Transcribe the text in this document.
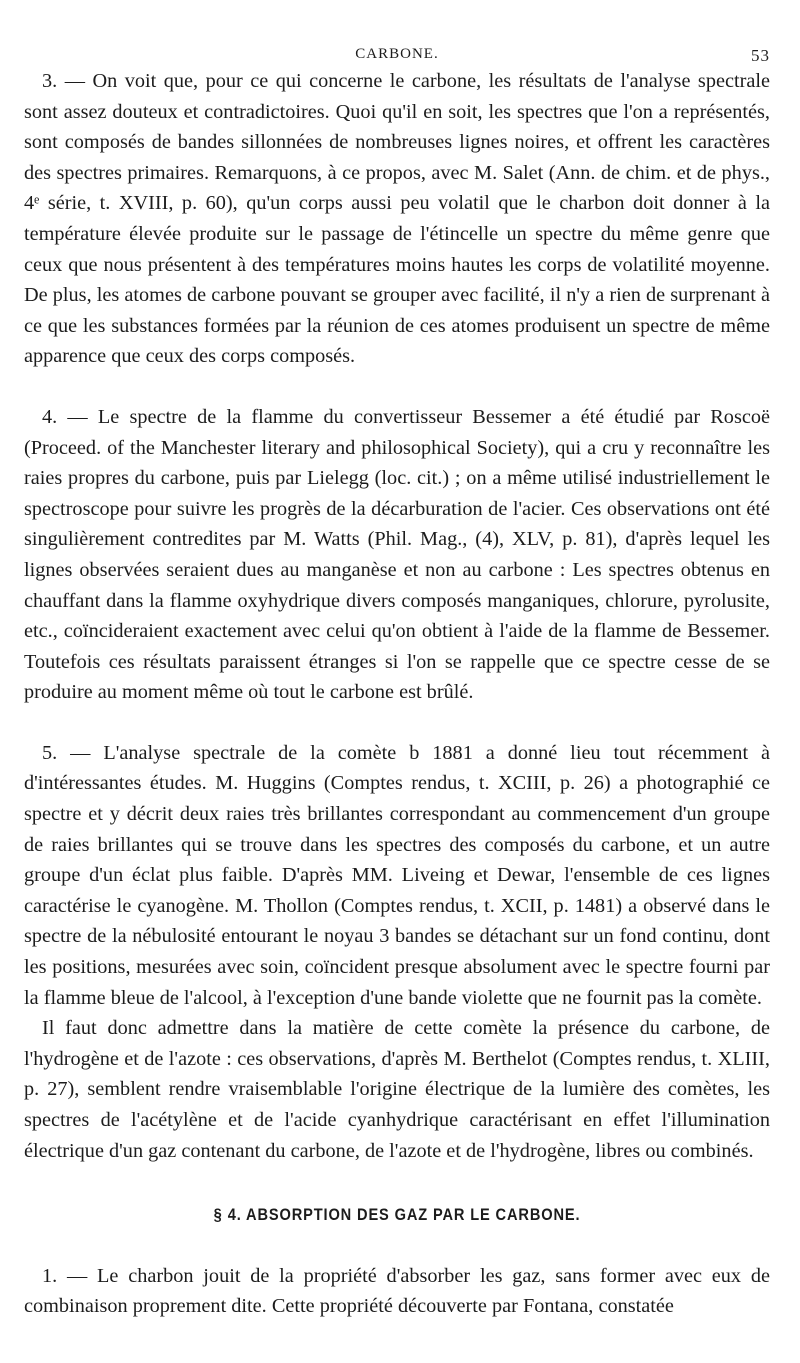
CARBONE.	53

3. — On voit que, pour ce qui concerne le carbone, les résultats de l'analyse spectrale sont assez douteux et contradictoires. Quoi qu'il en soit, les spectres que l'on a représentés, sont composés de bandes sillonnées de nombreuses lignes noires, et offrent les caractères des spectres primaires. Remarquons, à ce propos, avec M. Salet (Ann. de chim. et de phys., 4ᵉ série, t. XVIII, p. 60), qu'un corps aussi peu volatil que le charbon doit donner à la température élevée produite sur le passage de l'étincelle un spectre du même genre que ceux que nous présentent à des températures moins hautes les corps de volatilité moyenne. De plus, les atomes de carbone pouvant se grouper avec facilité, il n'y a rien de surprenant à ce que les substances formées par la réunion de ces atomes produisent un spectre de même apparence que ceux des corps composés.

4. — Le spectre de la flamme du convertisseur Bessemer a été étudié par Roscoë (Proceed. of the Manchester literary and philosophical Society), qui a cru y reconnaître les raies propres du carbone, puis par Lielegg (loc. cit.) ; on a même utilisé industriellement le spectroscope pour suivre les progrès de la décarburation de l'acier. Ces observations ont été singulièrement contredites par M. Watts (Phil. Mag., (4), XLV, p. 81), d'après lequel les lignes observées seraient dues au manganèse et non au carbone : Les spectres obtenus en chauffant dans la flamme oxyhydrique divers composés manganiques, chlorure, pyrolusite, etc., coïncideraient exactement avec celui qu'on obtient à l'aide de la flamme de Bessemer. Toutefois ces résultats paraissent étranges si l'on se rappelle que ce spectre cesse de se produire au moment même où tout le carbone est brûlé.

5. — L'analyse spectrale de la comète b 1881 a donné lieu tout récemment à d'intéressantes études. M. Huggins (Comptes rendus, t. XCIII, p. 26) a photographié ce spectre et y décrit deux raies très brillantes correspondant au commencement d'un groupe de raies brillantes qui se trouve dans les spectres des composés du carbone, et un autre groupe d'un éclat plus faible. D'après MM. Liveing et Dewar, l'ensemble de ces lignes caractérise le cyanogène. M. Thollon (Comptes rendus, t. XCII, p. 1481) a observé dans le spectre de la nébulosité entourant le noyau 3 bandes se détachant sur un fond continu, dont les positions, mesurées avec soin, coïncident presque absolument avec le spectre fourni par la flamme bleue de l'alcool, à l'exception d'une bande violette que ne fournit pas la comète.

Il faut donc admettre dans la matière de cette comète la présence du carbone, de l'hydrogène et de l'azote : ces observations, d'après M. Berthelot (Comptes rendus, t. XLIII, p. 27), semblent rendre vraisemblable l'origine électrique de la lumière des comètes, les spectres de l'acétylène et de l'acide cyanhydrique caractérisant en effet l'illumination électrique d'un gaz contenant du carbone, de l'azote et de l'hydrogène, libres ou combinés.

§ 4. ABSORPTION DES GAZ PAR LE CARBONE.

1. — Le charbon jouit de la propriété d'absorber les gaz, sans former avec eux de combinaison proprement dite. Cette propriété découverte par Fontana, constatée
